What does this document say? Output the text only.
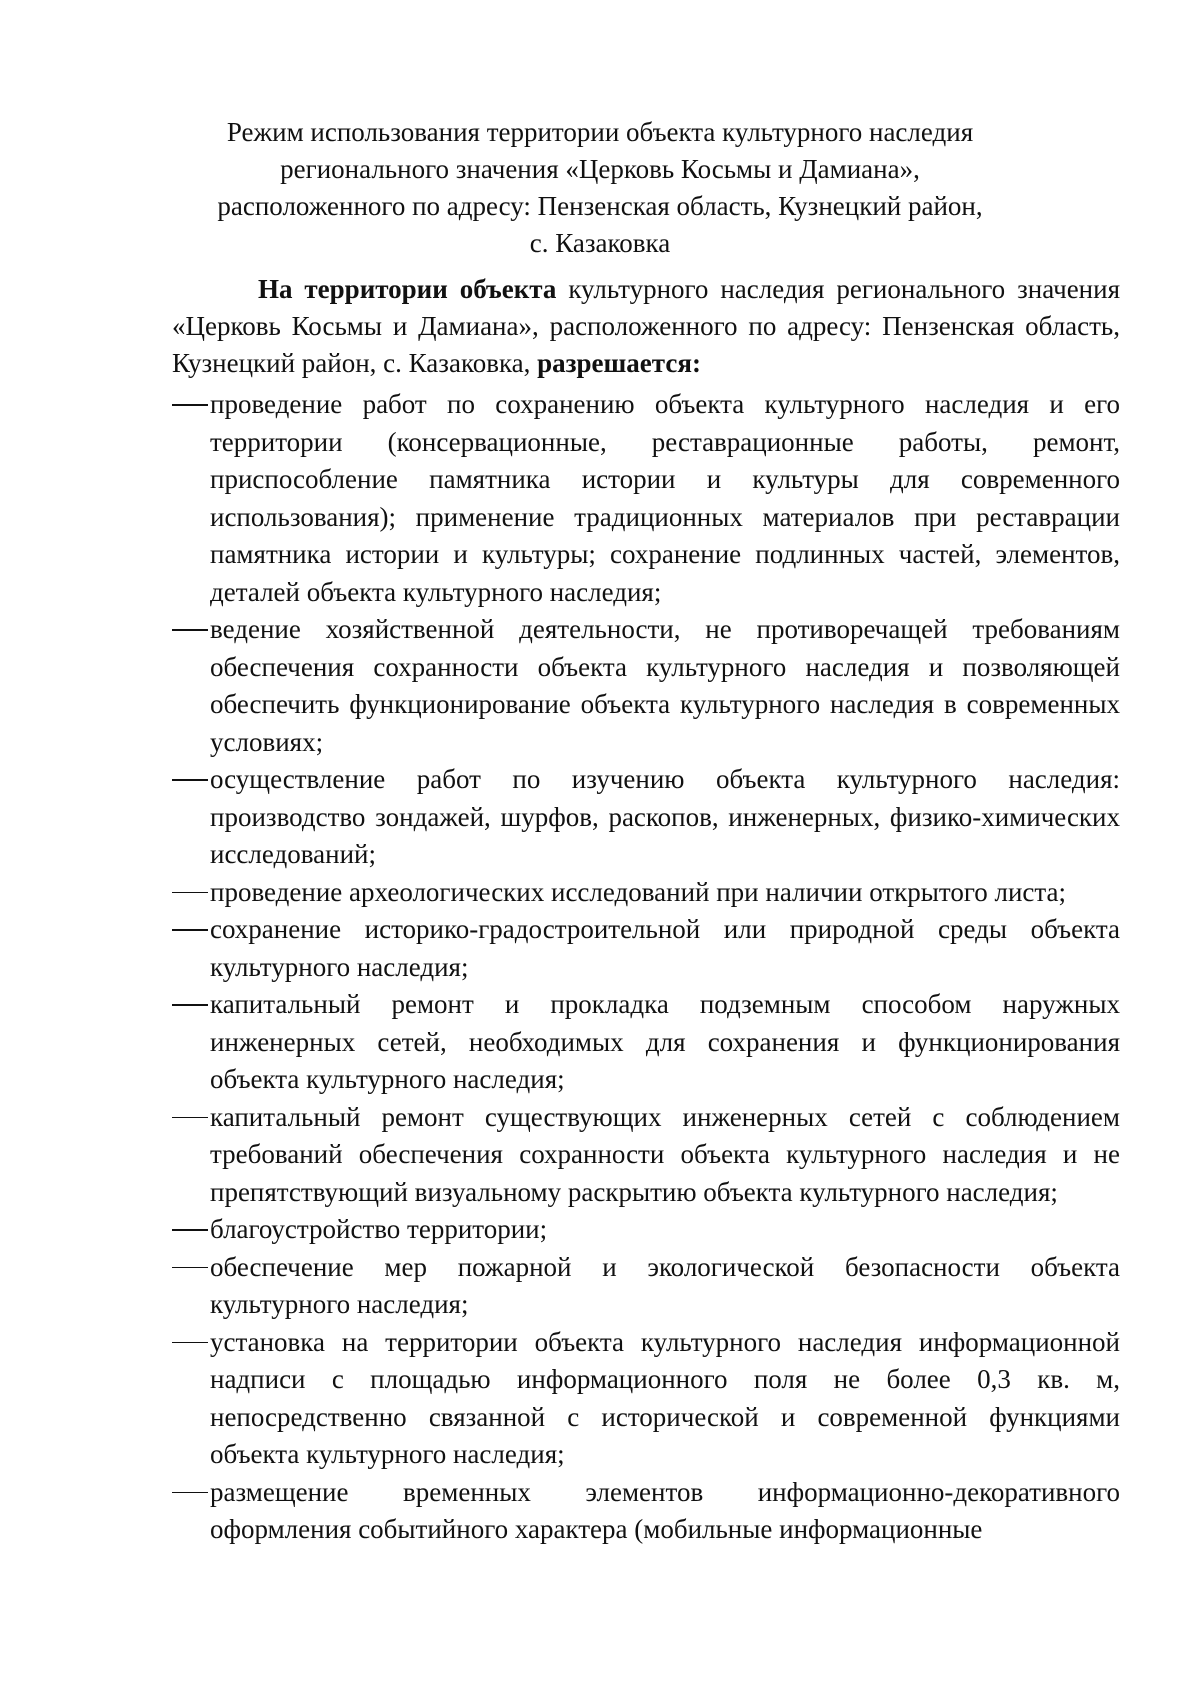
Режим использования территории объекта культурного наследия
регионального значения «Церковь Косьмы и Дамиана»,
расположенного по адресу: Пензенская область, Кузнецкий район,
с. Казаковка

На территории объекта культурного наследия регионального значения «Церковь Косьмы и Дамиана», расположенного по адресу: Пензенская область, Кузнецкий район, с. Казаковка, разрешается:

проведение работ по сохранению объекта культурного наследия и его территории (консервационные, реставрационные работы, ремонт, приспособление памятника истории и культуры для современного использования); применение традиционных материалов при реставрации памятника истории и культуры; сохранение подлинных частей, элементов, деталей объекта культурного наследия;
ведение хозяйственной деятельности, не противоречащей требованиям обеспечения сохранности объекта культурного наследия и позволяющей обеспечить функционирование объекта культурного наследия в современных условиях;
осуществление работ по изучению объекта культурного наследия: производство зондажей, шурфов, раскопов, инженерных, физико-химических исследований;
проведение археологических исследований при наличии открытого листа;
сохранение историко-градостроительной или природной среды объекта культурного наследия;
капитальный ремонт и прокладка подземным способом наружных инженерных сетей, необходимых для сохранения и функционирования объекта культурного наследия;
капитальный ремонт существующих инженерных сетей с соблюдением требований обеспечения сохранности объекта культурного наследия и не препятствующий визуальному раскрытию объекта культурного наследия;
благоустройство территории;
обеспечение мер пожарной и экологической безопасности объекта культурного наследия;
установка на территории объекта культурного наследия информационной надписи с площадью информационного поля не более 0,3 кв. м, непосредственно связанной с исторической и современной функциями объекта культурного наследия;
размещение временных элементов информационно-декоративного оформления событийного характера (мобильные информационные
